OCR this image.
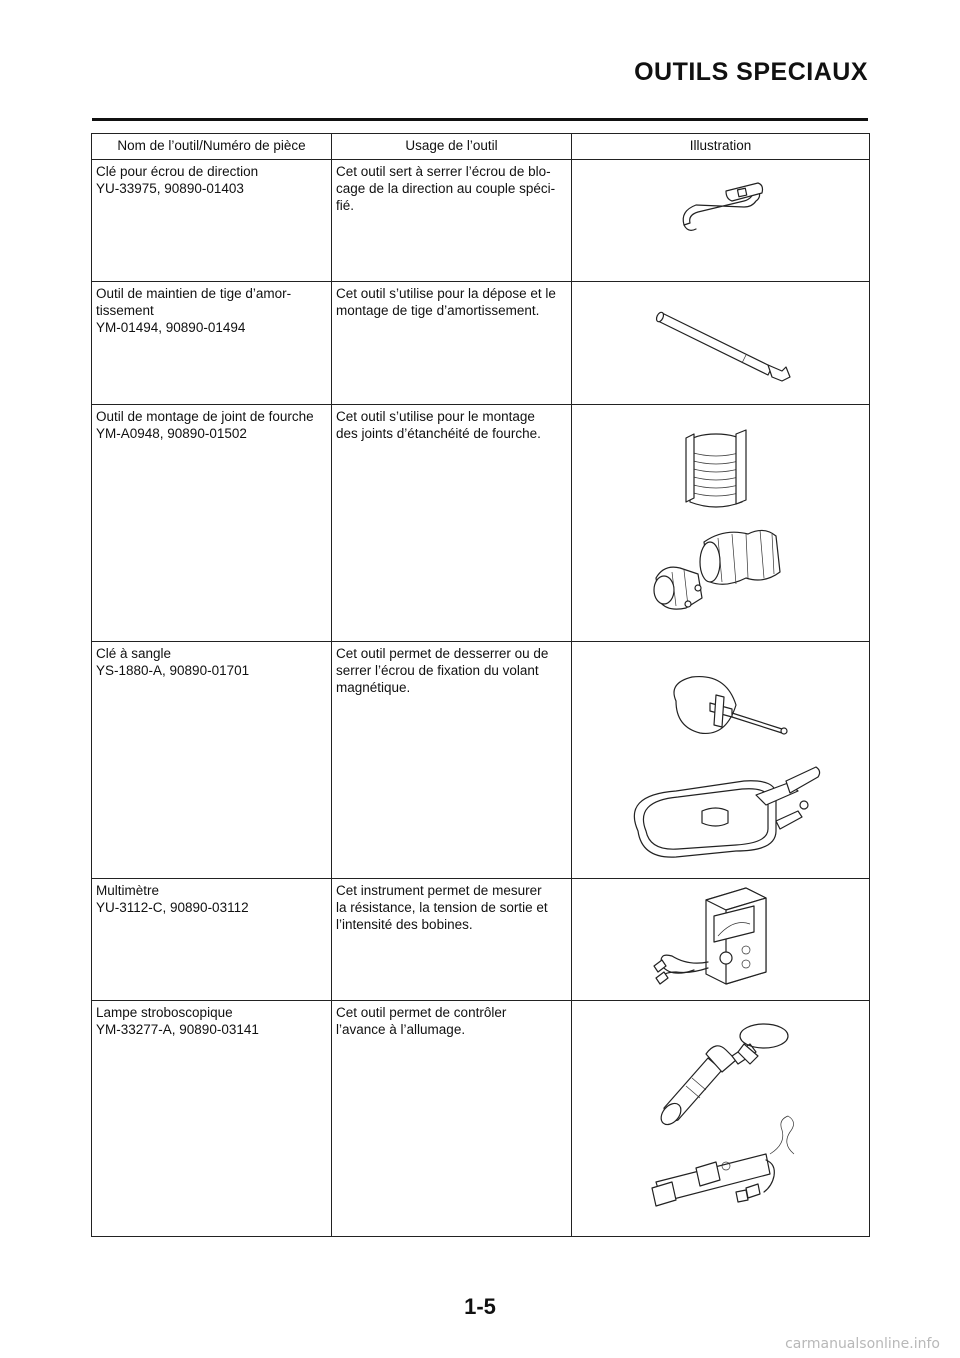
OUTILS SPECIAUX
Nom de l’outil/Numéro de pièce	Usage de l’outil	Illustration

Clé pour écrou de direction
YU-33975, 90890-01403	Cet outil sert à serrer l’écrou de blo-
cage de la direction au couple spéci-
fié.

Outil de maintien de tige d’amor-
tissement
YM-01494, 90890-01494	Cet outil s’utilise pour la dépose et le
montage de tige d’amortissement.

Outil de montage de joint de fourche
YM-A0948, 90890-01502	Cet outil s’utilise pour le montage
des joints d’étanchéité de fourche.

Clé à sangle
YS-1880-A, 90890-01701	Cet outil permet de desserrer ou de
serrer l’écrou de fixation du volant
magnétique.

Multimètre
YU-3112-C, 90890-03112	Cet instrument permet de mesurer
la résistance, la tension de sortie et
l’intensité des bobines.

Lampe stroboscopique
YM-33277-A, 90890-03141	Cet outil permet de contrôler
l’avance à l’allumage.

1-5
carmanualsonline.info
